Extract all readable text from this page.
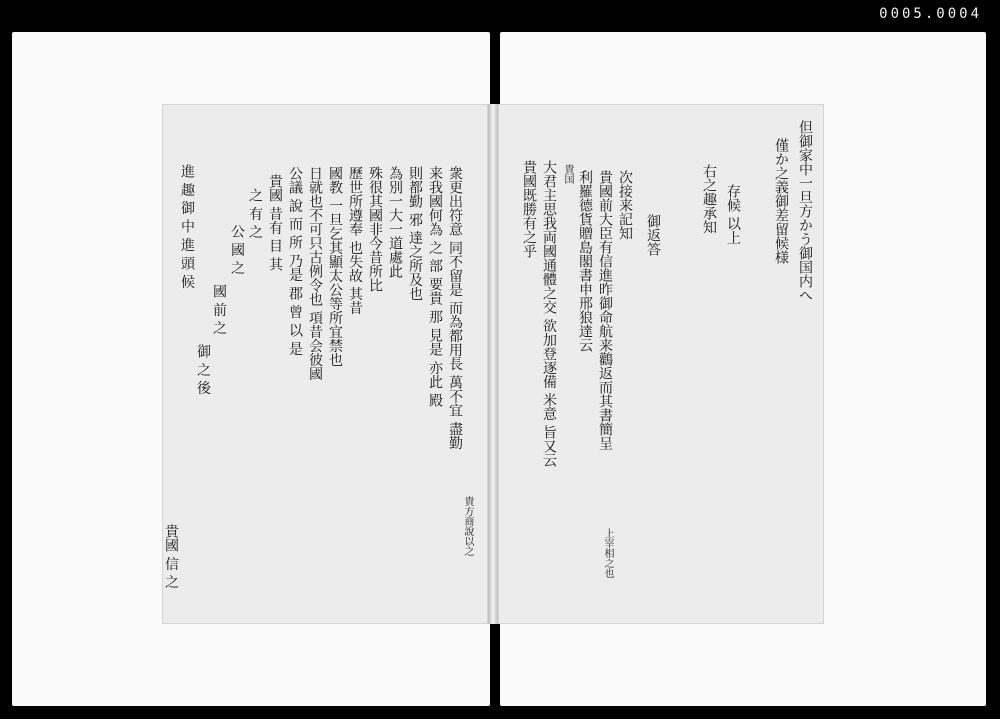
0005.0004
但御家中一旦方かう御国内へ
僅か之義御差留候様
存候 以上
右之趣承知
御返答
次接来記知
貴國前大臣有信進昨御命航来鸛返而其書簡呈
利羅德貨贈島閣書申邢狼達云
貴国
大君主思我両國通體之交 欲加登逐備 米意 旨又云
貴國既勝有之乎
上宰相之也
衆更出符意 同不留是 而為都用長 萬不宜 盡勤
来我國何為 之 部 要貴 那 見是 亦此 殿
則都勤 邪 達之所及也
為別一大一道處此
殊很其國非今昔所比
歷世所遵奉 也失故 其昔
國教 一旦乞其顯太公等所宜禁也
日就也不可只古例令也 項昔会彼國
公議 說 而 所 乃是 郡 曾 以 是
貴國 昔有 目 其
之 有 之
公 國 之
國 前 之
御 之 後
進 趣 御 中 進 頭 候
貴國 信 之	貴方商說以之
